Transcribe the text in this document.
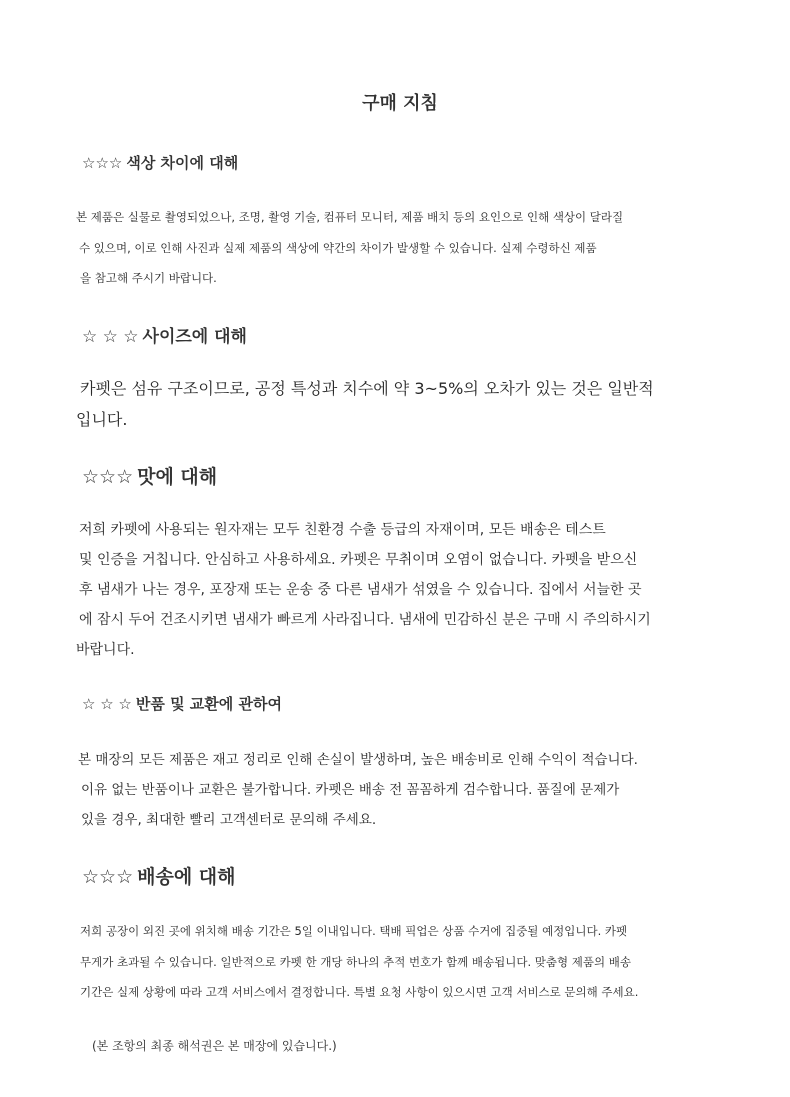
구매 지침
☆☆☆ 색상 차이에 대해
본 제품은 실물로 촬영되었으나, 조명, 촬영 기술, 컴퓨터 모니터, 제품 배치 등의 요인으로 인해 색상이 달라질
수 있으며, 이로 인해 사진과 실제 제품의 색상에 약간의 차이가 발생할 수 있습니다. 실제 수령하신 제품
을 참고해 주시기 바랍니다.
☆ ☆ ☆ 사이즈에 대해
카펫은 섬유 구조이므로, 공정 특성과 치수에 약 3~5%의 오차가 있는 것은 일반적
입니다.
☆☆☆ 맛에 대해
저희 카펫에 사용되는 원자재는 모두 친환경 수출 등급의 자재이며, 모든 배송은 테스트
및 인증을 거칩니다. 안심하고 사용하세요. 카펫은 무취이며 오염이 없습니다. 카펫을 받으신
후 냄새가 나는 경우, 포장재 또는 운송 중 다른 냄새가 섞였을 수 있습니다. 집에서 서늘한 곳
에 잠시 두어 건조시키면 냄새가 빠르게 사라집니다. 냄새에 민감하신 분은 구매 시 주의하시기
바랍니다.
☆ ☆ ☆ 반품 및 교환에 관하여
본 매장의 모든 제품은 재고 정리로 인해 손실이 발생하며, 높은 배송비로 인해 수익이 적습니다.
이유 없는 반품이나 교환은 불가합니다. 카펫은 배송 전 꼼꼼하게 검수합니다. 품질에 문제가
있을 경우, 최대한 빨리 고객센터로 문의해 주세요.
☆☆☆ 배송에 대해
저희 공장이 외진 곳에 위치해 배송 기간은 5일 이내입니다. 택배 픽업은 상품 수거에 집중될 예정입니다. 카펫
무게가 초과될 수 있습니다. 일반적으로 카펫 한 개당 하나의 추적 번호가 함께 배송됩니다. 맞춤형 제품의 배송
기간은 실제 상황에 따라 고객 서비스에서 결정합니다. 특별 요청 사항이 있으시면 고객 서비스로 문의해 주세요.
(본 조항의 최종 해석권은 본 매장에 있습니다.)
